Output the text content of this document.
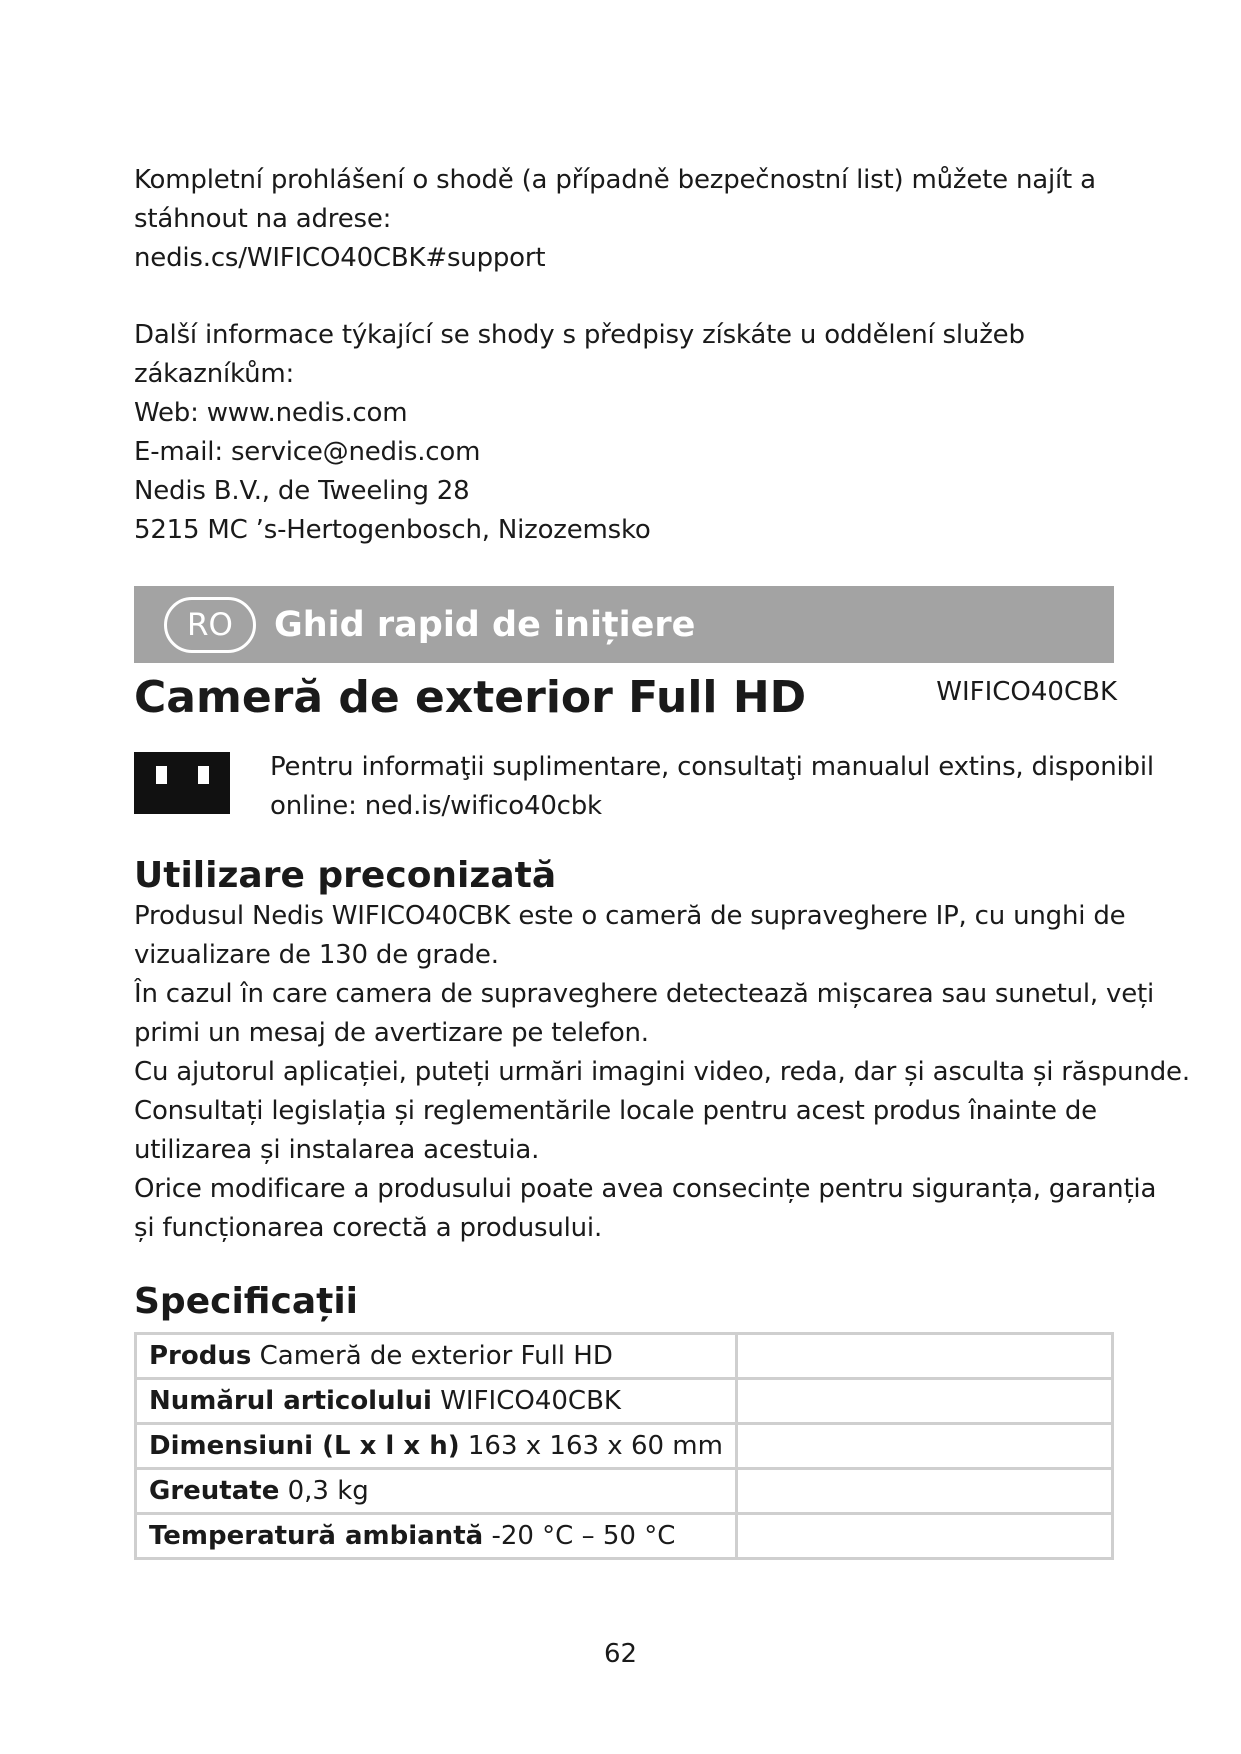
Kompletní prohlášení o shodě (a případně bezpečnostní list) můžete najít a
stáhnout na adrese:
nedis.cs/WIFICO40CBK#support
Další informace týkající se shody s předpisy získáte u oddělení služeb
zákazníkům:
Web: www.nedis.com
E-mail: service@nedis.com
Nedis B.V., de Tweeling 28
5215 MC ’s-Hertogenbosch, Nizozemsko
RO	Ghid rapid de inițiere
Cameră de exterior Full HD	WIFICO40CBK
Pentru informaţii suplimentare, consultaţi manualul extins, disponibil
online: ned.is/wifico40cbk
Utilizare preconizată
Produsul Nedis WIFICO40CBK este o cameră de supraveghere IP, cu unghi de
vizualizare de 130 de grade.
În cazul în care camera de supraveghere detectează mișcarea sau sunetul, veți
primi un mesaj de avertizare pe telefon.
Cu ajutorul aplicației, puteți urmări imagini video, reda, dar și asculta și răspunde.
Consultați legislația și reglementările locale pentru acest produs înainte de
utilizarea și instalarea acestuia.
Orice modificare a produsului poate avea consecințe pentru siguranța, garanția
și funcționarea corectă a produsului.
Specificații
Produs Cameră de exterior Full HD	
Numărul articolului WIFICO40CBK	
Dimensiuni (L x l x h) 163 x 163 x 60 mm	
Greutate 0,3 kg	
Temperatură ambiantă -20 °C – 50 °C	
62
